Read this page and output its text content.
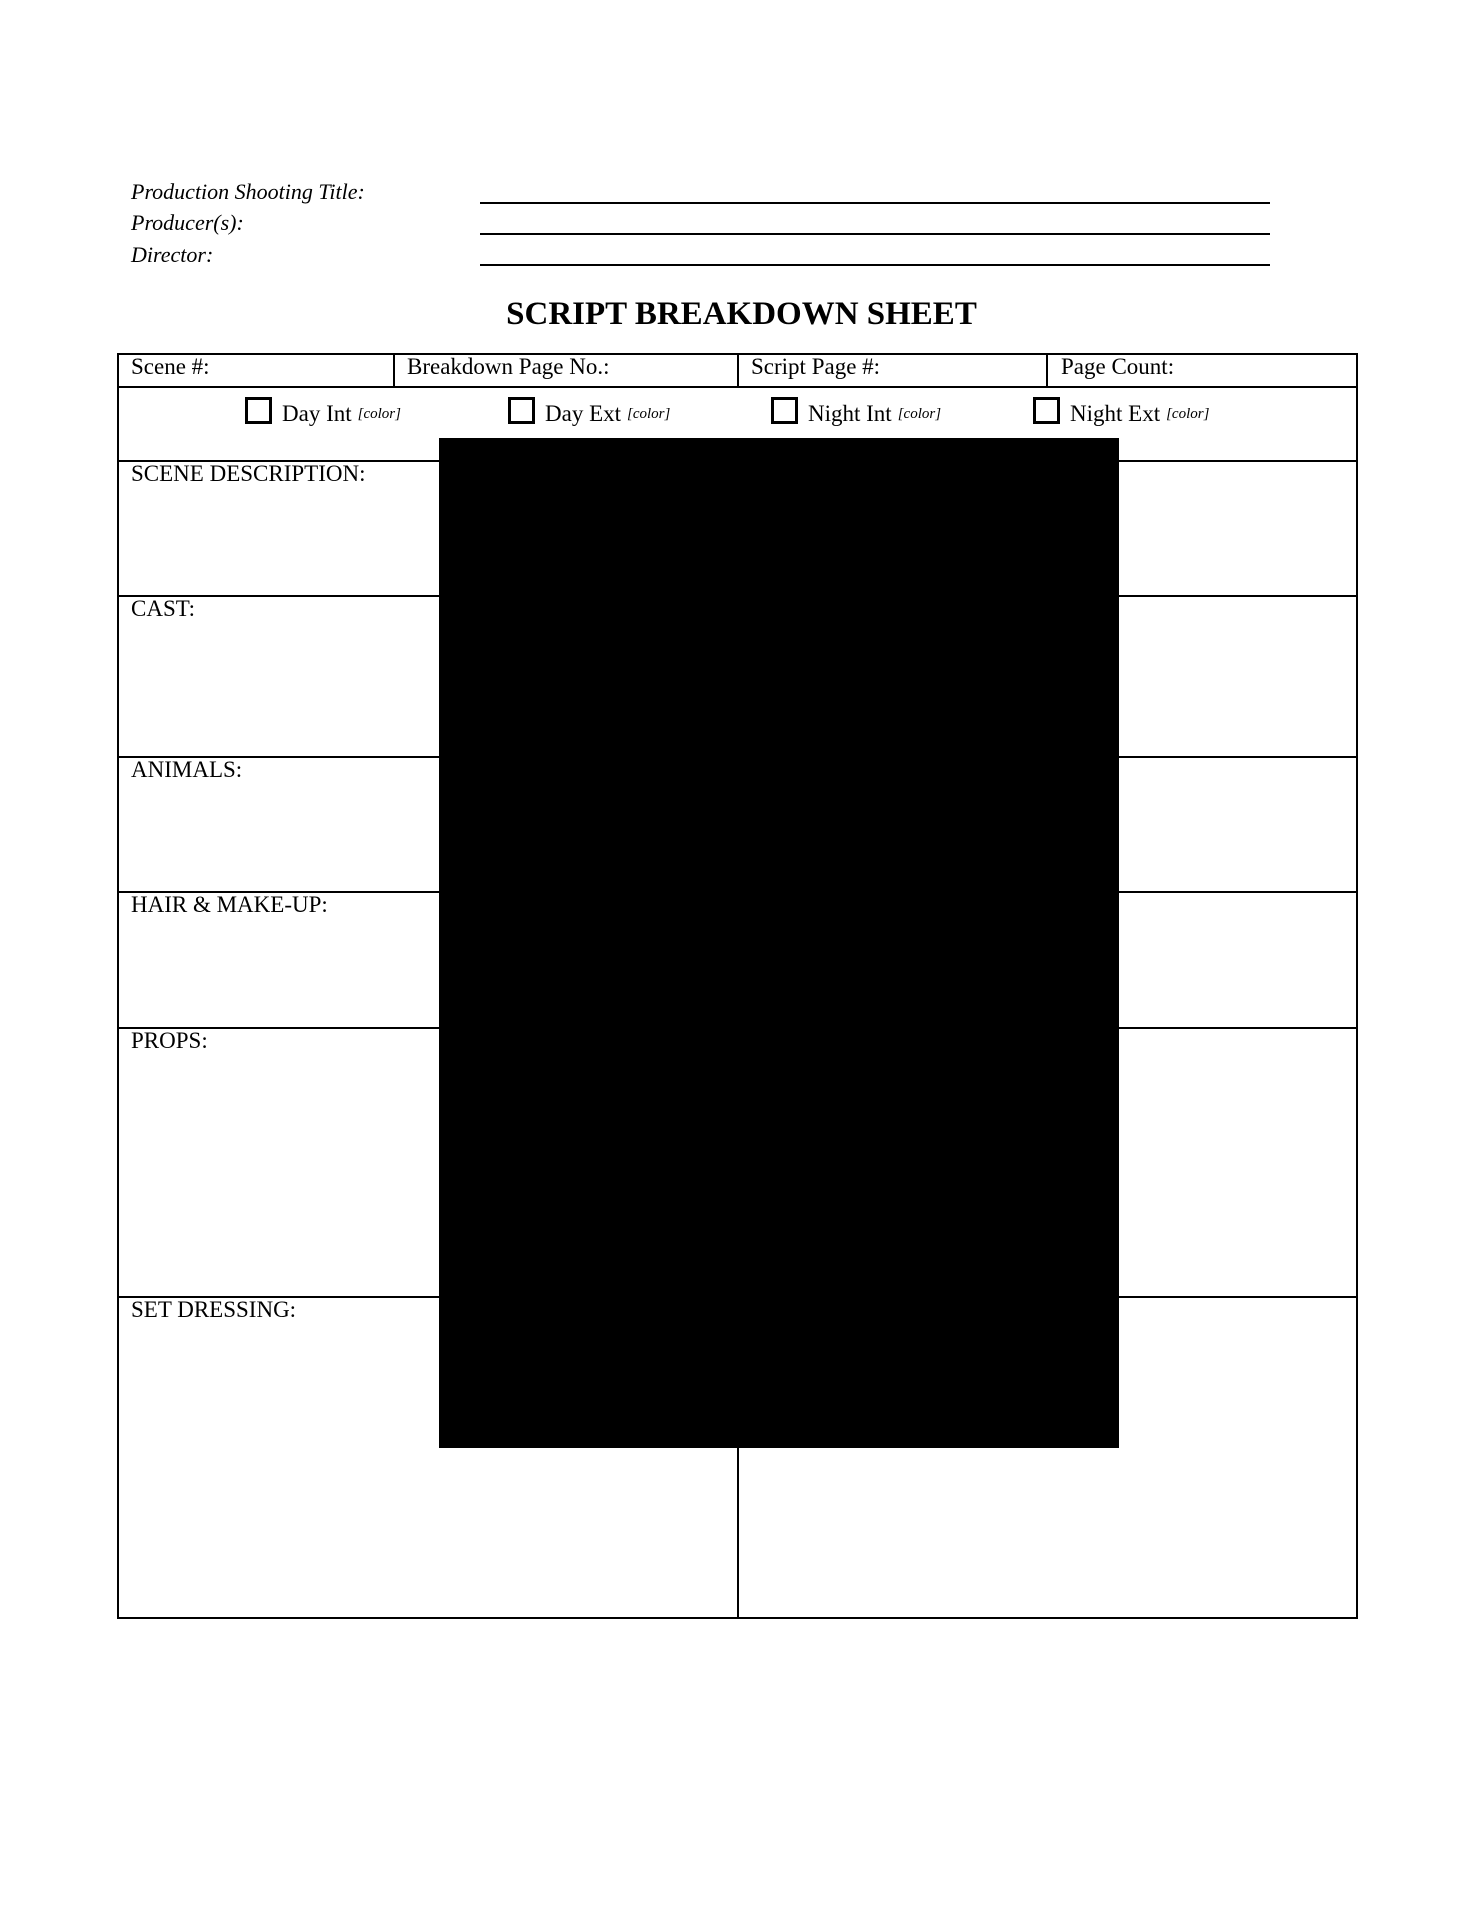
Production Shooting Title:
Producer(s):
Director:
SCRIPT BREAKDOWN SHEET
Scene #:	Breakdown Page No.:	Script Page #:	Page Count:
Day Int [color]	Day Ext [color]	Night Int [color]	Night Ext [color]
SCENE DESCRIPTION:
CAST:
ANIMALS:
HAIR & MAKE-UP:
PROPS:
SET DRESSING:
